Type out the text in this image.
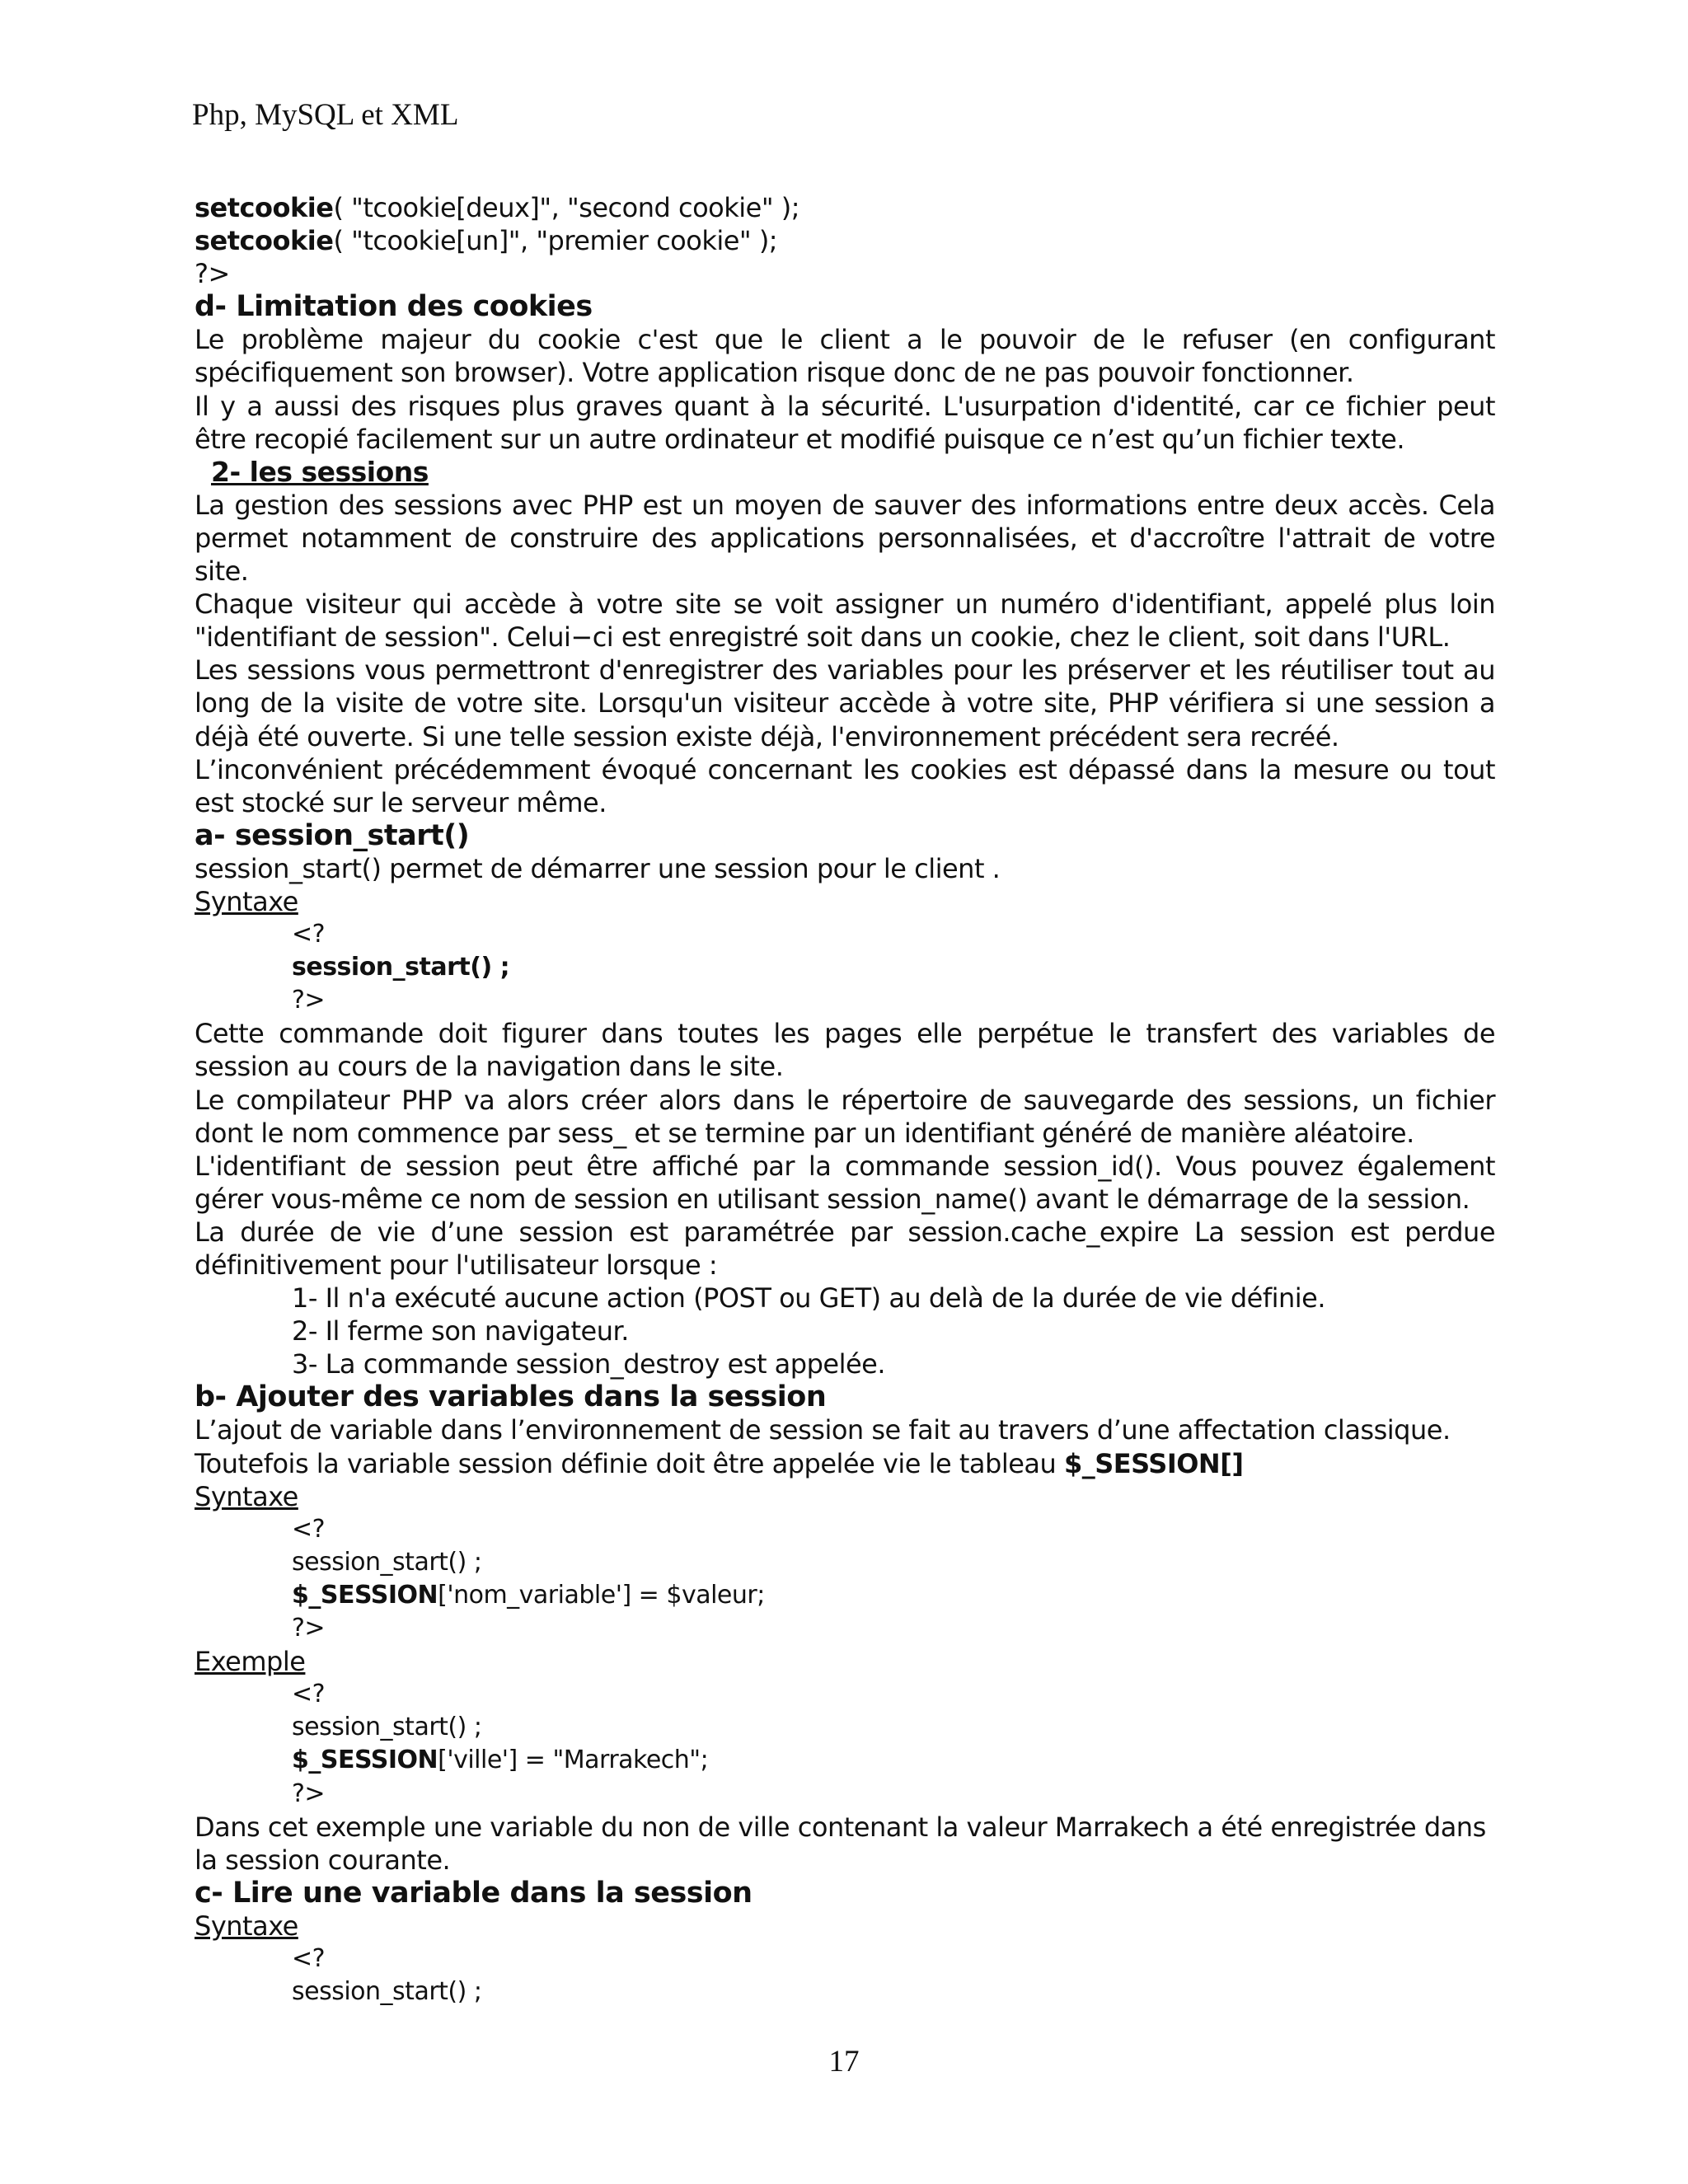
Php, MySQL et XML
setcookie( "tcookie[deux]", "second cookie" );
setcookie( "tcookie[un]", "premier cookie" );
?>
d- Limitation des cookies
Le problème majeur du cookie c'est que le client a le pouvoir de le refuser (en configurant spécifiquement son browser). Votre application risque donc de ne pas pouvoir fonctionner.
Il y a aussi des risques plus graves quant à la sécurité. L'usurpation d'identité, car ce fichier peut être recopié facilement sur un autre ordinateur et modifié puisque ce n’est qu’un fichier texte.
2- les sessions
La gestion des sessions avec PHP est un moyen de sauver des informations entre deux accès. Cela permet notamment de construire des applications personnalisées, et d'accroître l'attrait de votre site.
Chaque visiteur qui accède à votre site se voit assigner un numéro d'identifiant, appelé plus loin "identifiant de session". Celui−ci est enregistré soit dans un cookie, chez le client, soit dans l'URL.
Les sessions vous permettront d'enregistrer des variables pour les préserver et les réutiliser tout au long de la visite de votre site. Lorsqu'un visiteur accède à votre site, PHP vérifiera si une session a déjà été ouverte. Si une telle session existe déjà, l'environnement précédent sera recréé.
L’inconvénient précédemment évoqué concernant les cookies est dépassé dans la mesure ou tout est stocké sur le serveur même.
a- session_start()
session_start() permet de démarrer une session pour le client .
Syntaxe
<?
session_start() ;
?>
Cette commande doit figurer dans toutes les pages elle perpétue le transfert des variables de session au cours de la navigation dans le site.
Le compilateur PHP va alors créer alors dans le répertoire de sauvegarde des sessions, un fichier dont le nom commence par sess_ et se termine par un identifiant généré de manière aléatoire.
L'identifiant de session peut être affiché par la commande session_id(). Vous pouvez également gérer vous-même ce nom de session en utilisant session_name() avant le démarrage de la session.
La durée de vie d’une session est paramétrée par session.cache_expire La session est perdue définitivement pour l'utilisateur lorsque :
1- Il n'a exécuté aucune action (POST ou GET) au delà de la durée de vie définie.
2- Il ferme son navigateur.
3- La commande session_destroy est appelée.
b- Ajouter des variables dans la session
L’ajout de variable dans l’environnement de session se fait au travers d’une affectation classique.
Toutefois la variable session définie doit être appelée vie le tableau $_SESSION[]
Syntaxe
<?
session_start() ;
$_SESSION['nom_variable'] = $valeur;
?>
Exemple
<?
session_start() ;
$_SESSION['ville'] = "Marrakech";
?>
Dans cet exemple une variable du non de ville contenant la valeur Marrakech a été enregistrée dans la session courante.
c- Lire une variable dans la session
Syntaxe
<?
session_start() ;
17
